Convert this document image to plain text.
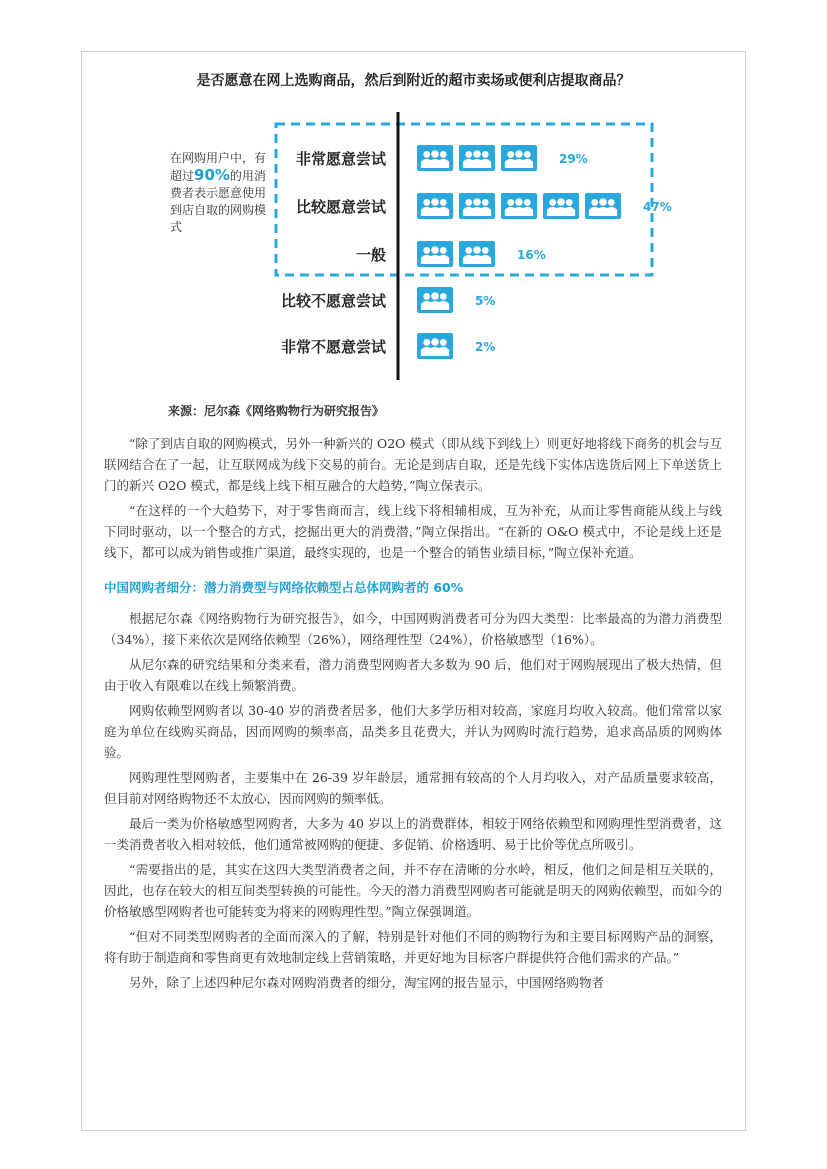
是否愿意在网上选购商品，然后到附近的超市卖场或便利店提取商品？
在网购用户中，有超过90%的用消费者表示愿意使用到店自取的网购模式
非常愿意尝试	29%
比较愿意尝试	47%
一般	16%
比较不愿意尝试	5%
非常不愿意尝试	2%
来源：尼尔森《网络购物行为研究报告》

“除了到店自取的网购模式，另外一种新兴的 O2O 模式（即从线下到线上）则更好地将线下商务的机会与互联网结合在了一起，让互联网成为线下交易的前台。无论是到店自取，还是先线下实体店选货后网上下单送货上门的新兴 O2O 模式，都是线上线下相互融合的大趋势，”陶立保表示。

“在这样的一个大趋势下，对于零售商而言，线上线下将相辅相成，互为补充，从而让零售商能从线上与线下同时驱动，以一个整合的方式，挖掘出更大的消费潜，”陶立保指出。“在新的 O&O 模式中，不论是线上还是线下，都可以成为销售或推广渠道，最终实现的，也是一个整合的销售业绩目标，”陶立保补充道。

中国网购者细分：潜力消费型与网络依赖型占总体网购者的 60%

根据尼尔森《网络购物行为研究报告》，如今，中国网购消费者可分为四大类型：比率最高的为潜力消费型（34%），接下来依次是网络依赖型（26%），网络理性型（24%），价格敏感型（16%）。

从尼尔森的研究结果和分类来看，潜力消费型网购者大多数为 90 后，他们对于网购展现出了极大热情，但由于收入有限难以在线上频繁消费。

网购依赖型网购者以 30-40 岁的消费者居多，他们大多学历相对较高，家庭月均收入较高。他们常常以家庭为单位在线购买商品，因而网购的频率高，品类多且花费大，并认为网购时流行趋势，追求高品质的网购体验。

网购理性型网购者，主要集中在 26-39 岁年龄层，通常拥有较高的个人月均收入，对产品质量要求较高，但目前对网络购物还不太放心，因而网购的频率低。

最后一类为价格敏感型网购者，大多为 40 岁以上的消费群体，相较于网络依赖型和网购理性型消费者，这一类消费者收入相对较低，他们通常被网购的便捷、多促销、价格透明、易于比价等优点所吸引。

“需要指出的是，其实在这四大类型消费者之间，并不存在清晰的分水岭，相反，他们之间是相互关联的，因此，也存在较大的相互间类型转换的可能性。今天的潜力消费型网购者可能就是明天的网购依赖型，而如今的价格敏感型网购者也可能转变为将来的网购理性型。”陶立保强调道。

“但对不同类型网购者的全面而深入的了解，特别是针对他们不同的购物行为和主要目标网购产品的洞察，将有助于制造商和零售商更有效地制定线上营销策略，并更好地为目标客户群提供符合他们需求的产品。”

另外，除了上述四种尼尔森对网购消费者的细分，淘宝网的报告显示，中国网络购物者
